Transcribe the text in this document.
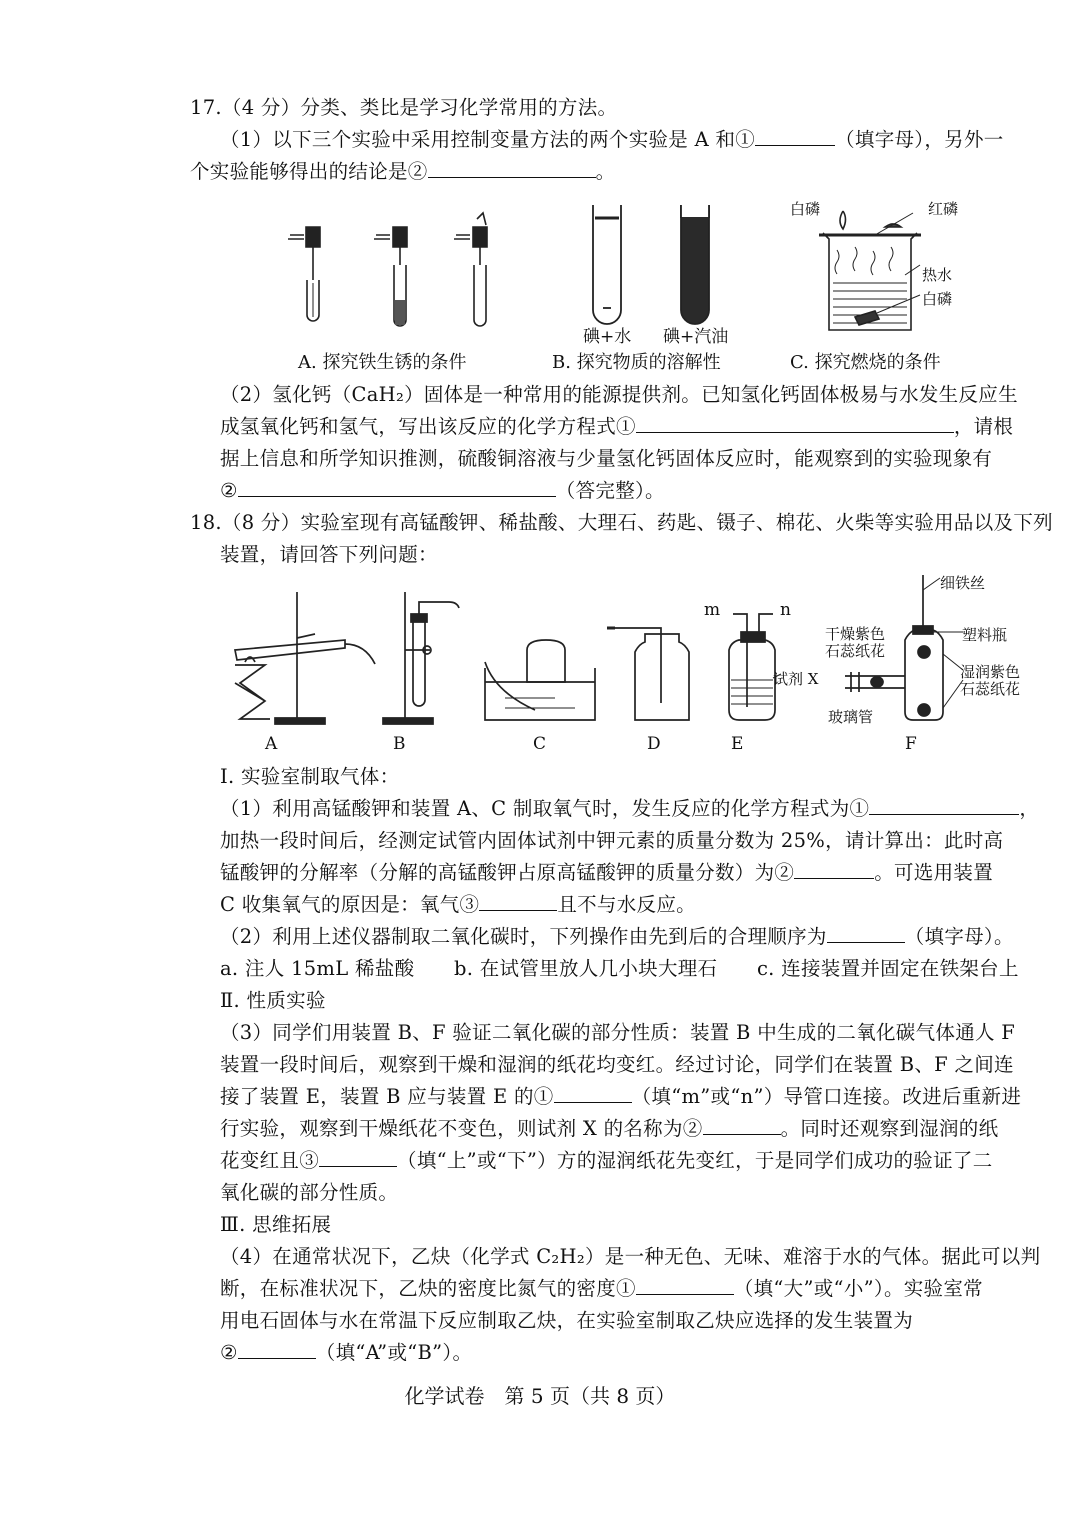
17.（4 分）分类、类比是学习化学常用的方法。
（1）以下三个实验中采用控制变量方法的两个实验是 A 和①	（填字母），另外一
个实验能够得出的结论是②	。
碘+水 碘+汽油
白磷	红磷
热水
白磷
A. 探究铁生锈的条件	B. 探究物质的溶解性	C. 探究燃烧的条件
（2）氢化钙（CaH₂）固体是一种常用的能源提供剂。已知氢化钙固体极易与水发生反应生
成氢氧化钙和氢气，写出该反应的化学方程式①	，请根
据上信息和所学知识推测，硫酸铜溶液与少量氢化钙固体反应时，能观察到的实验现象有
②	（答完整）。
18.（8 分）实验室现有高锰酸钾、稀盐酸、大理石、药匙、镊子、棉花、火柴等实验用品以及下列
装置，请回答下列问题：
A	B	C	D	E	F
m	n
试剂 X
细铁丝
塑料瓶
干燥紫色
石蕊纸花
湿润紫色
石蕊纸花
玻璃管
Ⅰ. 实验室制取气体：
（1）利用高锰酸钾和装置 A、C 制取氧气时，发生反应的化学方程式为①	，
加热一段时间后，经测定试管内固体试剂中钾元素的质量分数为 25%，请计算出：此时高
锰酸钾的分解率（分解的高锰酸钾占原高锰酸钾的质量分数）为②	。可选用装置
C 收集氧气的原因是：氧气③	且不与水反应。
（2）利用上述仪器制取二氧化碳时，下列操作由先到后的合理顺序为	（填字母）。
a. 注人 15mL 稀盐酸　　b. 在试管里放人几小块大理石　　c. 连接装置并固定在铁架台上
Ⅱ. 性质实验
（3）同学们用装置 B、F 验证二氧化碳的部分性质：装置 B 中生成的二氧化碳气体通人 F
装置一段时间后，观察到干燥和湿润的纸花均变红。经过讨论，同学们在装置 B、F 之间连
接了装置 E，装置 B 应与装置 E 的①	（填“m”或“n”）导管口连接。改进后重新进
行实验，观察到干燥纸花不变色，则试剂 X 的名称为②	。同时还观察到湿润的纸
花变红且③	（填“上”或“下”）方的湿润纸花先变红，于是同学们成功的验证了二
氧化碳的部分性质。
Ⅲ. 思维拓展
（4）在通常状况下，乙炔（化学式 C₂H₂）是一种无色、无味、难溶于水的气体。据此可以判
断，在标准状况下，乙炔的密度比氮气的密度①	（填“大”或“小”）。实验室常
用电石固体与水在常温下反应制取乙炔，在实验室制取乙炔应选择的发生装置为
②	（填“A”或“B”）。
化学试卷　第 5 页（共 8 页）
